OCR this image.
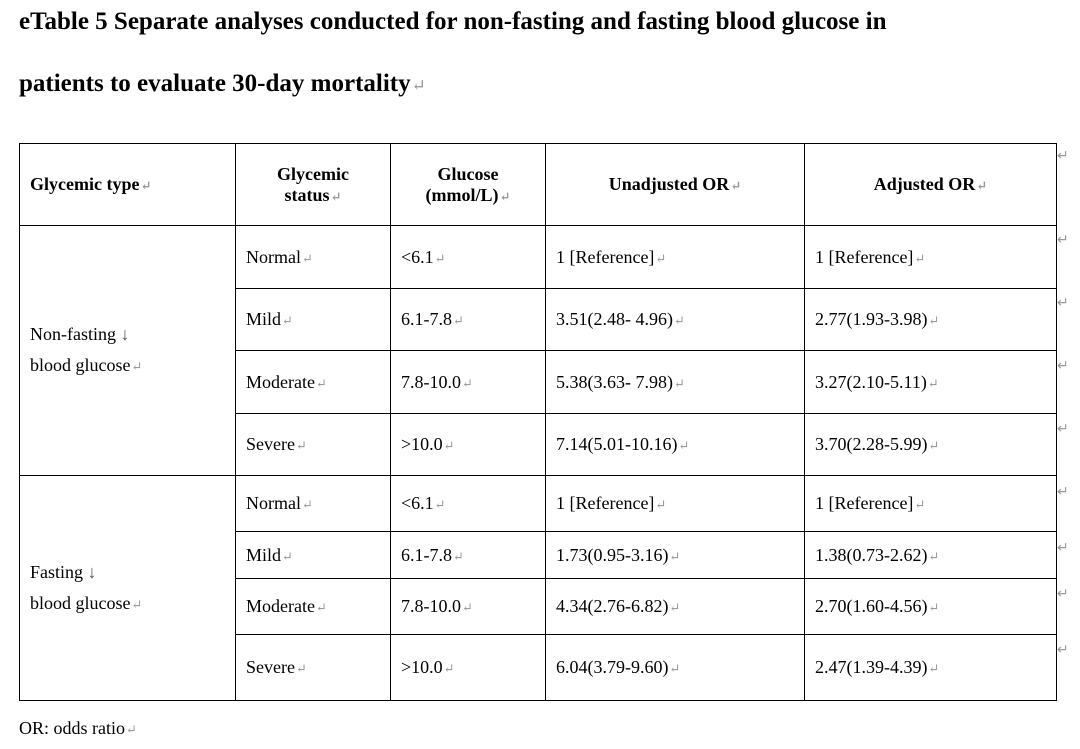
eTable 5 Separate analyses conducted for non-fasting and fasting blood glucose in
patients to evaluate 30-day mortality↵
Glycemic type↵	Glycemic
status↵	Glucose
(mmol/L)↵	Unadjusted OR↵	Adjusted OR↵
Non-fasting ↓
blood glucose↵	Normal↵	<6.1↵	1 [Reference]↵	1 [Reference]↵
	Mild↵	6.1-7.8↵	3.51(2.48- 4.96)↵	2.77(1.93-3.98)↵
	Moderate↵	7.8-10.0↵	5.38(3.63- 7.98)↵	3.27(2.10-5.11)↵
	Severe↵	>10.0↵	7.14(5.01-10.16)↵	3.70(2.28-5.99)↵
Fasting ↓
blood glucose↵	Normal↵	<6.1↵	1 [Reference]↵	1 [Reference]↵
	Mild↵	6.1-7.8↵	1.73(0.95-3.16)↵	1.38(0.73-2.62)↵
	Moderate↵	7.8-10.0↵	4.34(2.76-6.82)↵	2.70(1.60-4.56)↵
	Severe↵	>10.0↵	6.04(3.79-9.60)↵	2.47(1.39-4.39)↵
↵
↵
↵
↵
↵
↵
↵
↵
↵
OR: odds ratio↵
